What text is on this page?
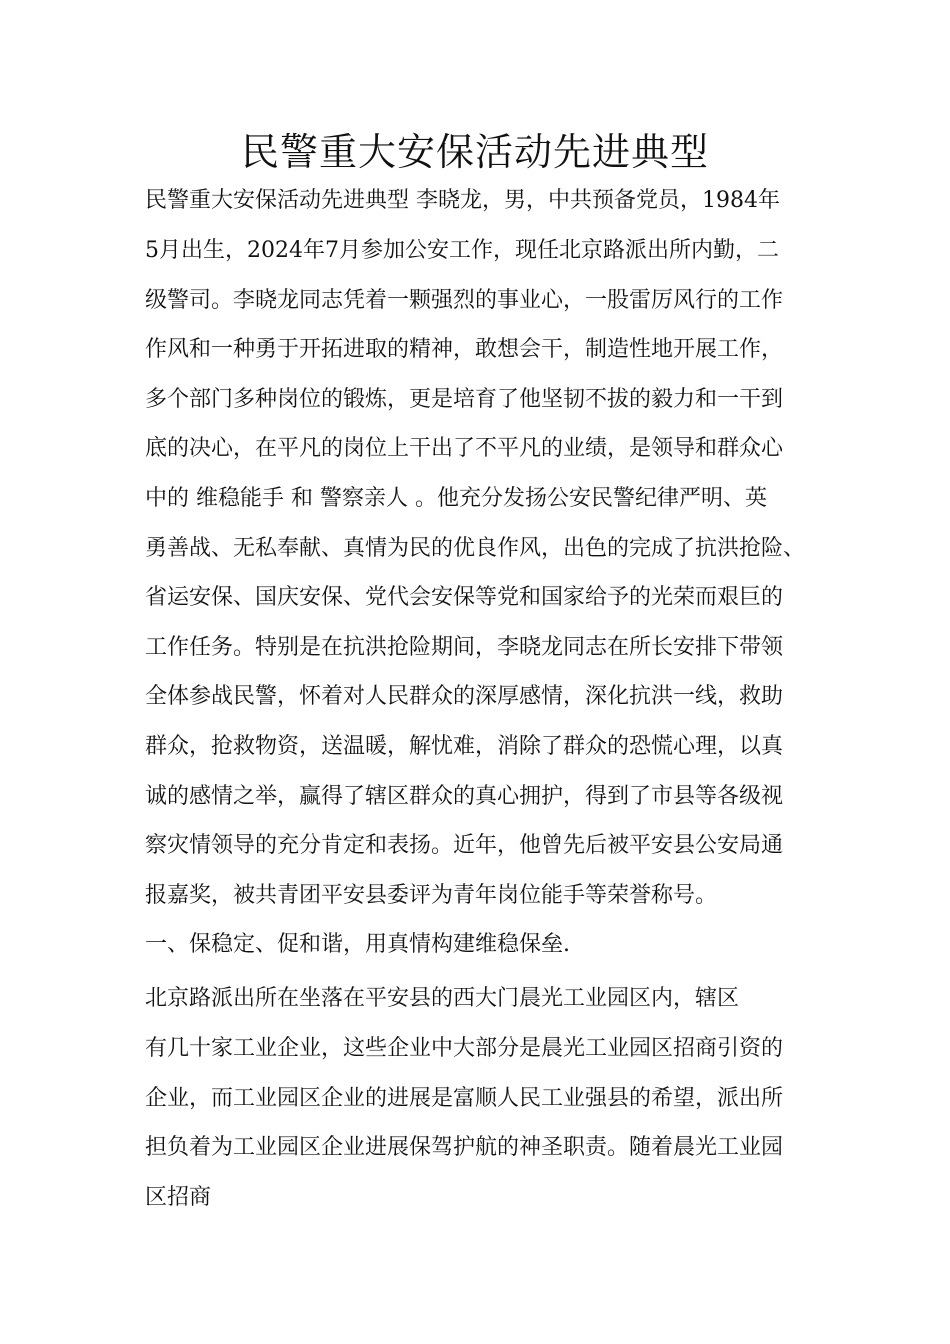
民警重大安保活动先进典型

民警重大安保活动先进典型 李晓龙，男，中共预备党员，1984年

5月出生，2024年7月参加公安工作，现任北京路派出所内勤，二

级警司。李晓龙同志凭着一颗强烈的事业心，一股雷厉风行的工作

作风和一种勇于开拓进取的精神，敢想会干，制造性地开展工作，

多个部门多种岗位的锻炼，更是培育了他坚韧不拔的毅力和一干到

底的决心，在平凡的岗位上干出了不平凡的业绩，是领导和群众心

中的 维稳能手 和 警察亲人 。他充分发扬公安民警纪律严明、英

勇善战、无私奉献、真情为民的优良作风，出色的完成了抗洪抢险、

省运安保、国庆安保、党代会安保等党和国家给予的光荣而艰巨的

工作任务。特别是在抗洪抢险期间，李晓龙同志在所长安排下带领

全体参战民警，怀着对人民群众的深厚感情，深化抗洪一线，救助

群众，抢救物资，送温暖，解忧难，消除了群众的恐慌心理，以真

诚的感情之举，赢得了辖区群众的真心拥护，得到了市县等各级视

察灾情领导的充分肯定和表扬。近年，他曾先后被平安县公安局通

报嘉奖，被共青团平安县委评为青年岗位能手等荣誉称号。

一、保稳定、促和谐，用真情构建维稳保垒.

北京路派出所在坐落在平安县的西大门晨光工业园区内，辖区

有几十家工业企业，这些企业中大部分是晨光工业园区招商引资的

企业，而工业园区企业的进展是富顺人民工业强县的希望，派出所

担负着为工业园区企业进展保驾护航的神圣职责。随着晨光工业园

区招商
